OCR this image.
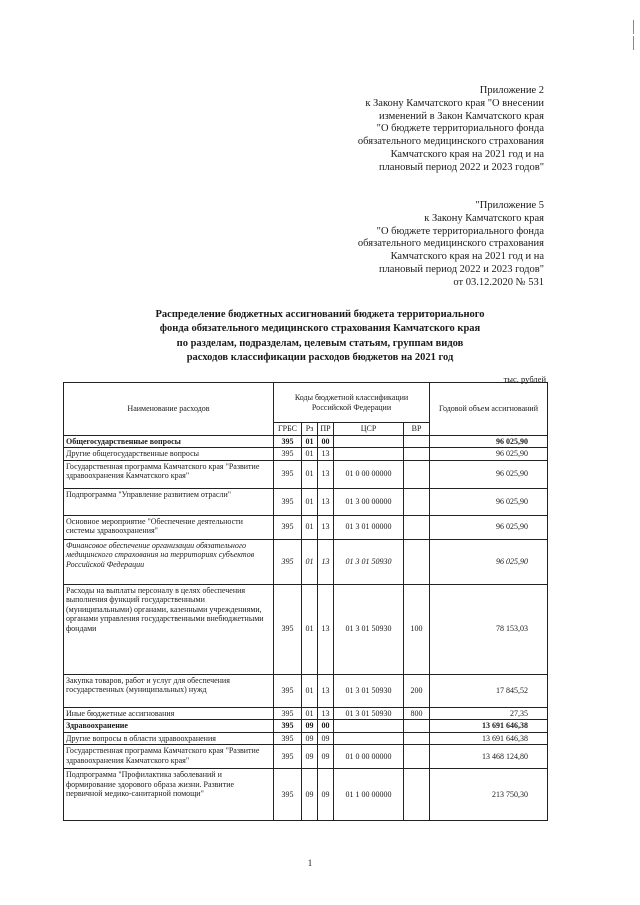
Приложение 2
к Закону Камчатского края "О внесении
изменений в Закон Камчатского края
"О бюджете территориального фонда
обязательного медицинского страхования
Камчатского края на 2021 год и на
плановый период 2022 и 2023 годов"
"Приложение 5
к Закону Камчатского края
"О бюджете территориального фонда
обязательного медицинского страхования
Камчатского края на 2021 год и на
плановый период 2022 и 2023 годов"
от 03.12.2020 № 531
Распределение бюджетных ассигнований бюджета территориального
фонда обязательного медицинского страхования Камчатского края
по разделам, подразделам, целевым статьям, группам видов
расходов классификации расходов бюджетов на 2021 год
тыс. рублей
Наименование расходов	Коды бюджетной классификации Российской Федерации					Годовой объем ассигнований
	ГРБС	Рз	ПР	ЦСР	ВР	
Общегосударственные вопросы	395	01	00			96 025,90
Другие общегосударственные вопросы	395	01	13			96 025,90
Государственная программа Камчатского края "Развитие здравоохранения Камчатского края"	395	01	13	01 0 00 00000		96 025,90
Подпрограмма "Управление развитием отрасли"	395	01	13	01 3 00 00000		96 025,90
Основное мероприятие "Обеспечение деятельности системы здравоохранения"	395	01	13	01 3 01 00000		96 025,90
Финансовое обеспечение организации обязательного медицинского страхования на территориях субъектов Российской Федерации	395	01	13	01 3 01 50930		96 025,90
Расходы на выплаты персоналу в целях обеспечения выполнения функций государственными (муниципальными) органами, казенными учреждениями, органами управления государственными внебюджетными фондами	395	01	13	01 3 01 50930	100	78 153,03
Закупка товаров, работ и услуг для обеспечения государственных (муниципальных) нужд	395	01	13	01 3 01 50930	200	17 845,52
Иные бюджетные ассигнования	395	01	13	01 3 01 50930	800	27,35
Здравоохранение	395	09	00			13 691 646,38
Другие вопросы в области здравоохранения	395	09	09			13 691 646,38
Государственная программа Камчатского края "Развитие здравоохранения Камчатского края"	395	09	09	01 0 00 00000		13 468 124,80
Подпрограмма "Профилактика заболеваний и формирование здорового образа жизни. Развитие первичной медико-санитарной помощи"	395	09	09	01 1 00 00000		213 750,30
1
